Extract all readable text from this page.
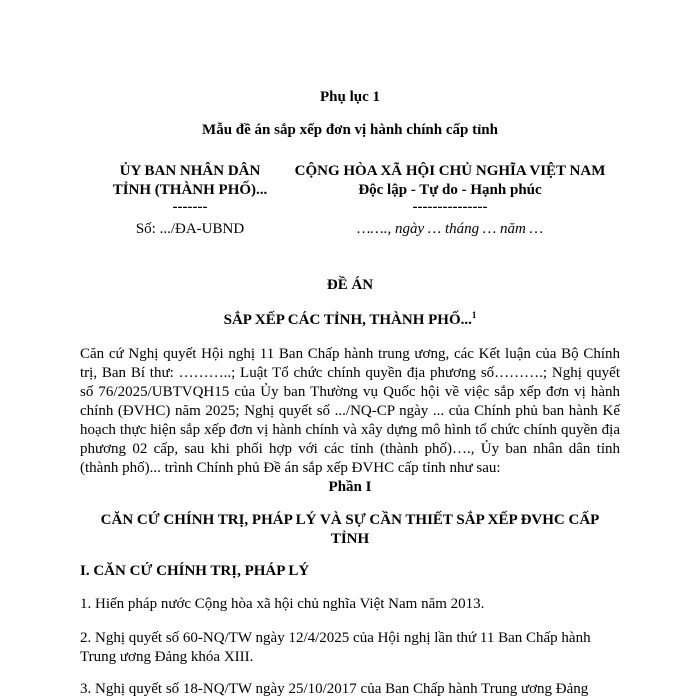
Phụ lục 1
Mẫu đề án sắp xếp đơn vị hành chính cấp tỉnh
ỦY BAN NHÂN DÂN
TỈNH (THÀNH PHỐ)...
-------
CỘNG HÒA XÃ HỘI CHỦ NGHĨA VIỆT NAM
Độc lập - Tự do - Hạnh phúc
---------------
Số: .../ĐA-UBND	……., ngày … tháng … năm …
ĐỀ ÁN
SẮP XẾP CÁC TỈNH, THÀNH PHỐ...$^1$
Căn cứ Nghị quyết Hội nghị 11 Ban Chấp hành trung ương, các Kết luận của Bộ Chính trị, Ban Bí thư: ………..; Luật Tổ chức chính quyền địa phương số……….; Nghị quyết số 76/2025/UBTVQH15 của Ủy ban Thường vụ Quốc hội về việc sắp xếp đơn vị hành chính (ĐVHC) năm 2025; Nghị quyết số .../NQ-CP ngày ... của Chính phủ ban hành Kế hoạch thực hiện sắp xếp đơn vị hành chính và xây dựng mô hình tổ chức chính quyền địa phương 02 cấp, sau khi phối hợp với các tỉnh (thành phố)…., Ủy ban nhân dân tỉnh (thành phố)... trình Chính phủ Đề án sắp xếp ĐVHC cấp tỉnh như sau:
Phần I
CĂN CỨ CHÍNH TRỊ, PHÁP LÝ VÀ SỰ CẦN THIẾT SẮP XẾP ĐVHC CẤP TỈNH
I. CĂN CỨ CHÍNH TRỊ, PHÁP LÝ
1. Hiến pháp nước Cộng hòa xã hội chủ nghĩa Việt Nam năm 2013.
2. Nghị quyết số 60-NQ/TW ngày 12/4/2025 của Hội nghị lần thứ 11 Ban Chấp hành Trung ương Đảng khóa XIII.
3. Nghị quyết số 18-NQ/TW ngày 25/10/2017 của Ban Chấp hành Trung ương Đảng
